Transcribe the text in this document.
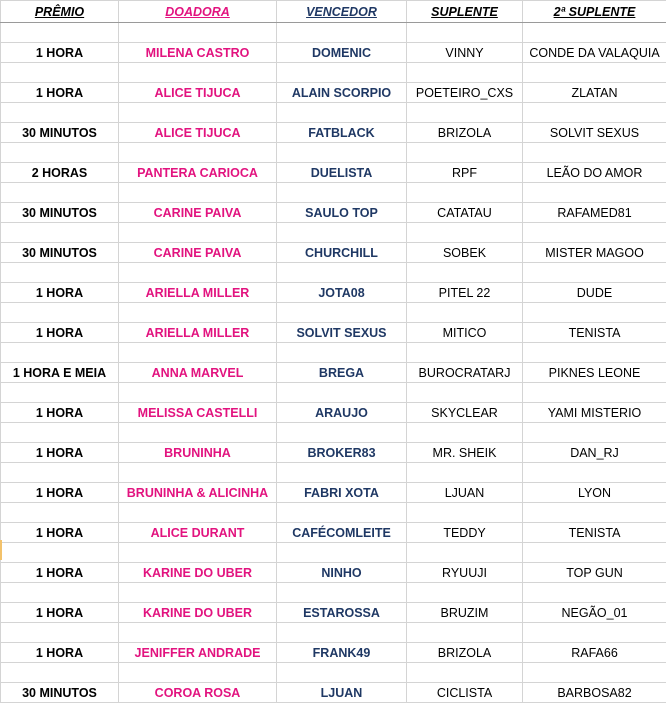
PRÊMIO	DOADORA	VENCEDOR	SUPLENTE	2ª SUPLENTE

1 HORA	MILENA CASTRO	DOMENIC	VINNY	CONDE DA VALAQUIA

1 HORA	ALICE TIJUCA	ALAIN SCORPIO	POETEIRO_CXS	ZLATAN

30 MINUTOS	ALICE TIJUCA	FATBLACK	BRIZOLA	SOLVIT SEXUS

2 HORAS	PANTERA CARIOCA	DUELISTA	RPF	LEÃO DO AMOR

30 MINUTOS	CARINE PAIVA	SAULO TOP	CATATAU	RAFAMED81

30 MINUTOS	CARINE PAIVA	CHURCHILL	SOBEK	MISTER MAGOO

1 HORA	ARIELLA MILLER	JOTA08	PITEL 22	DUDE

1 HORA	ARIELLA MILLER	SOLVIT SEXUS	MITICO	TENISTA

1 HORA E MEIA	ANNA MARVEL	BREGA	BUROCRATARJ	PIKNES LEONE

1 HORA	MELISSA CASTELLI	ARAUJO	SKYCLEAR	YAMI MISTERIO

1 HORA	BRUNINHA	BROKER83	MR. SHEIK	DAN_RJ

1 HORA	BRUNINHA & ALICINHA	FABRI XOTA	LJUAN	LYON

1 HORA	ALICE DURANT	CAFÉCOMLEITE	TEDDY	TENISTA

1 HORA	KARINE DO UBER	NINHO	RYUUJI	TOP GUN

1 HORA	KARINE DO UBER	ESTAROSSA	BRUZIM	NEGÃO_01

1 HORA	JENIFFER ANDRADE	FRANK49	BRIZOLA	RAFA66

30 MINUTOS	COROA ROSA	LJUAN	CICLISTA	BARBOSA82
